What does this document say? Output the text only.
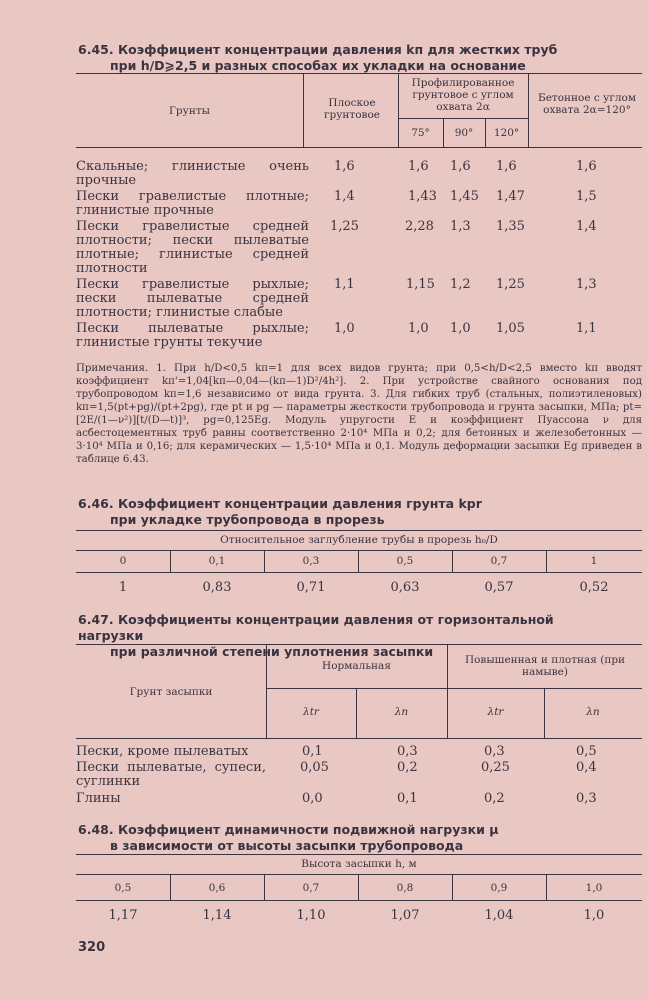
6.45. Коэффициент концентрации давления kп для жестких труб
при h/D⩾2,5 и разных способах их укладки на основание

Грунты
Плоское грунтовое
Профилированное грунтовое с углом охвата 2α
75°	90°	120°
Бетонное с углом охвата 2α=120°
Скальные; глинистые очень прочные
1,6	1,6 1,6 1,6	1,6
Пески гравелистые плотные; глинистые прочные
1,4	1,43 1,45 1,47	1,5
Пески гравелистые средней плотности; пески пылеватые плотные; глинистые средней плотности
1,25	2,28 1,3 1,35	1,4
Пески гравелистые рыхлые; пески пылеватые средней плотности; глинистые слабые
1,1	1,15 1,2 1,25	1,3
Пески пылеватые рыхлые; глинистые грунты текучие
1,0	1,0 1,0 1,05	1,1

Примечания. 1. При h/D<0,5 kп=1 для всех видов грунта; при 0,5<h/D<2,5 вместо kп вводят коэффициент kп'=1,04[kп—0,04—(kп—1)D²/4h²]. 2. При устройстве свайного основания под трубопроводом kп=1,6 независимо от вида грунта. 3. Для гибких труб (стальных, полиэтиленовых) kп=1,5(pt+pg)/(pt+2pg), где pt и pg — параметры жесткости трубопровода и грунта засыпки, МПа; pt=[2E/(1—ν²)][t/(D—t)]³, pg=0,125Eg. Модуль упругости E и коэффициент Пуассона ν для асбестоцементных труб равны соответственно 2·10⁴ МПа и 0,2; для бетонных и железобетонных — 3·10⁴ МПа и 0,16; для керамических — 1,5·10⁴ МПа и 0,1. Модуль деформации засыпки Eg приведен в таблице 6.43.

6.46. Коэффициент концентрации давления грунта kpr
при укладке трубопровода в прорезь

Относительное заглубление трубы в прорезь h₀/D
0	0,1	0,3	0,5	0,7	1
1	0,83	0,71	0,63	0,57	0,52

6.47. Коэффициенты концентрации давления от горизонтальной нагрузки
при различной степени уплотнения засыпки

Грунт засыпки
Нормальная	Повышенная и плотная (при намыве)
λtr	λn	λtr	λn
Пески, кроме пылеватых	0,1	0,3	0,3	0,5
Пески пылеватые, супеси, суглинки
0,05	0,2	0,25	0,4
Глины	0,0	0,1	0,2	0,3

6.48. Коэффициент динамичности подвижной нагрузки μ
в зависимости от высоты засыпки трубопровода

Высота засыпки h, м
0,5	0,6	0,7	0,8	0,9	1,0
1,17	1,14	1,10	1,07	1,04	1,0
320
